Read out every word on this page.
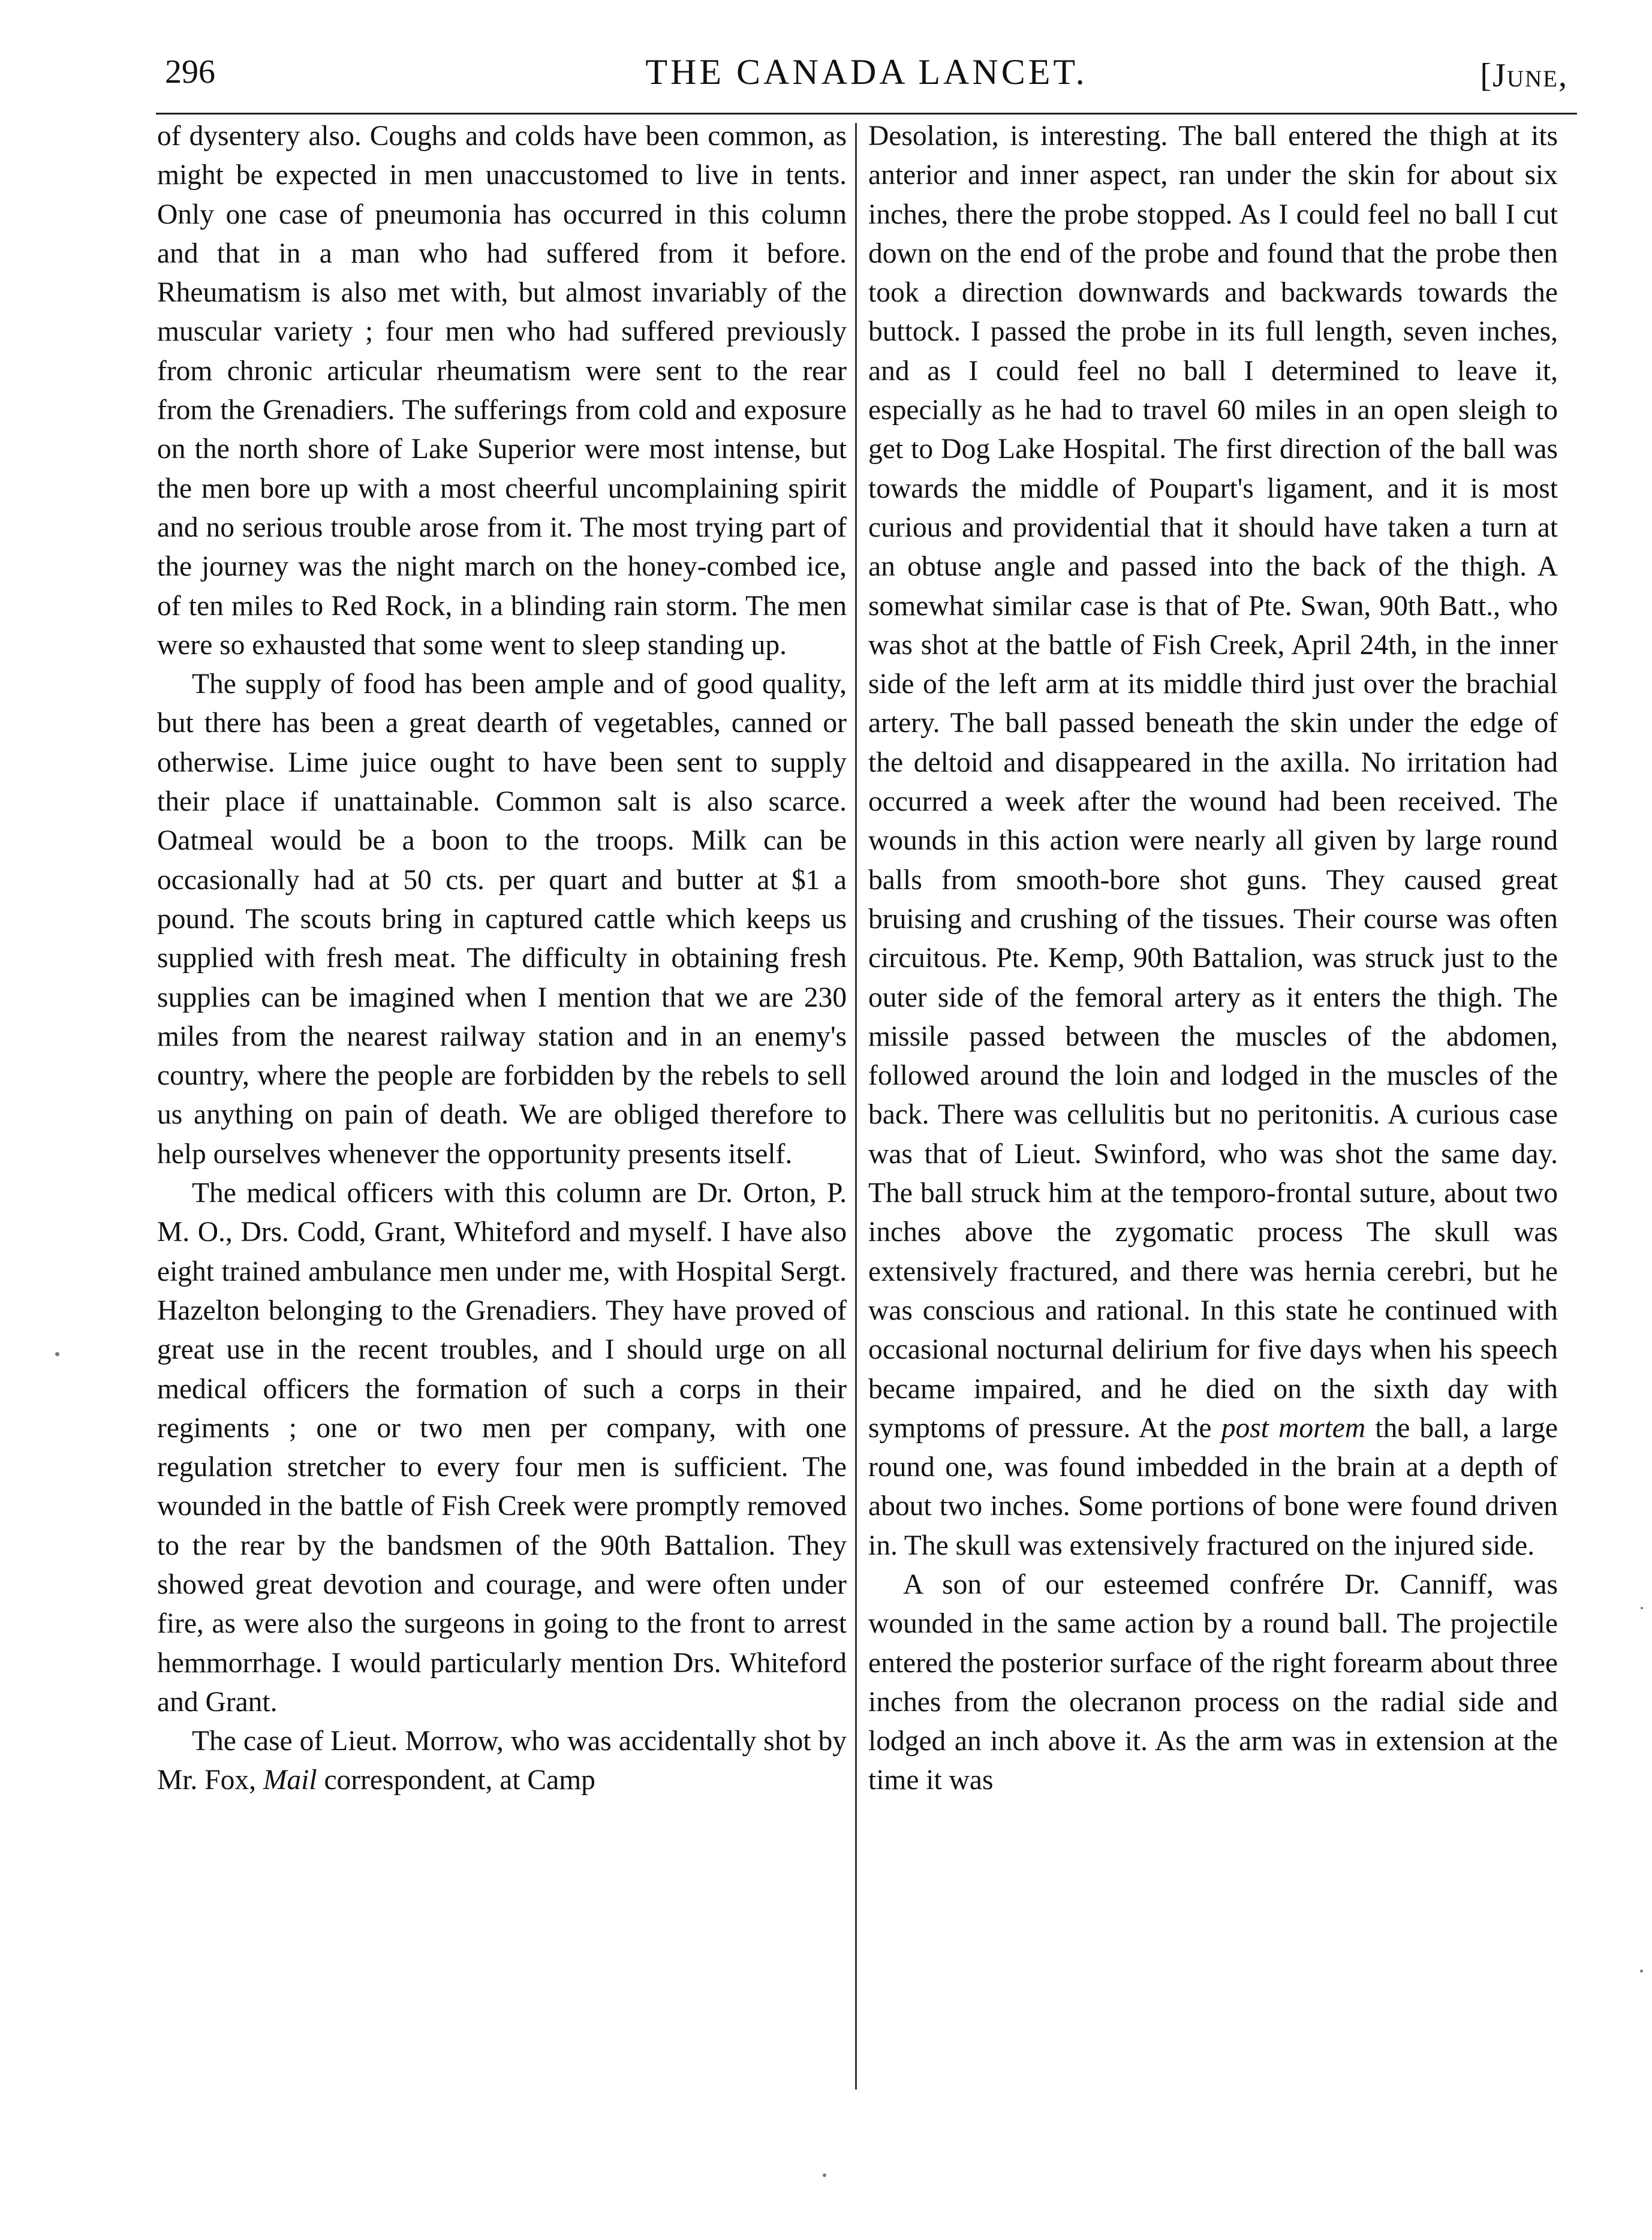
296	THE CANADA LANCET.	[June,

of dysentery also. Coughs and colds have been common, as might be expected in men unaccustomed to live in tents. Only one case of pneumonia has occurred in this column and that in a man who had suffered from it before. Rheumatism is also met with, but almost invariably of the muscular variety ; four men who had suffered previously from chronic articular rheumatism were sent to the rear from the Grenadiers. The sufferings from cold and exposure on the north shore of Lake Superior were most intense, but the men bore up with a most cheerful uncomplaining spirit and no serious trouble arose from it. The most trying part of the journey was the night march on the honey-combed ice, of ten miles to Red Rock, in a blinding rain storm. The men were so exhausted that some went to sleep standing up.

The supply of food has been ample and of good quality, but there has been a great dearth of vegetables, canned or otherwise. Lime juice ought to have been sent to supply their place if unattainable. Common salt is also scarce. Oatmeal would be a boon to the troops. Milk can be occasionally had at 50 cts. per quart and butter at $1 a pound. The scouts bring in captured cattle which keeps us supplied with fresh meat. The difficulty in obtaining fresh supplies can be imagined when I mention that we are 230 miles from the nearest railway station and in an enemy's country, where the people are forbidden by the rebels to sell us anything on pain of death. We are obliged therefore to help ourselves whenever the opportunity presents itself.

The medical officers with this column are Dr. Orton, P. M. O., Drs. Codd, Grant, Whiteford and myself. I have also eight trained ambulance men under me, with Hospital Sergt. Hazelton belonging to the Grenadiers. They have proved of great use in the recent troubles, and I should urge on all medical officers the formation of such a corps in their regiments ; one or two men per company, with one regulation stretcher to every four men is sufficient. The wounded in the battle of Fish Creek were promptly removed to the rear by the bandsmen of the 90th Battalion. They showed great devotion and courage, and were often under fire, as were also the surgeons in going to the front to arrest hemmorrhage. I would particularly mention Drs. Whiteford and Grant.

The case of Lieut. Morrow, who was accidentally shot by Mr. Fox, Mail correspondent, at Camp

Desolation, is interesting. The ball entered the thigh at its anterior and inner aspect, ran under the skin for about six inches, there the probe stopped. As I could feel no ball I cut down on the end of the probe and found that the probe then took a direction downwards and backwards towards the buttock. I passed the probe in its full length, seven inches, and as I could feel no ball I determined to leave it, especially as he had to travel 60 miles in an open sleigh to get to Dog Lake Hospital. The first direction of the ball was towards the middle of Poupart's ligament, and it is most curious and providential that it should have taken a turn at an obtuse angle and passed into the back of the thigh. A somewhat similar case is that of Pte. Swan, 90th Batt., who was shot at the battle of Fish Creek, April 24th, in the inner side of the left arm at its middle third just over the brachial artery. The ball passed beneath the skin under the edge of the deltoid and disappeared in the axilla. No irritation had occurred a week after the wound had been received. The wounds in this action were nearly all given by large round balls from smooth-bore shot guns. They caused great bruising and crushing of the tissues. Their course was often circuitous. Pte. Kemp, 90th Battalion, was struck just to the outer side of the femoral artery as it enters the thigh. The missile passed between the muscles of the abdomen, followed around the loin and lodged in the muscles of the back. There was cellulitis but no peritonitis. A curious case was that of Lieut. Swinford, who was shot the same day. The ball struck him at the temporo-frontal suture, about two inches above the zygomatic process The skull was extensively fractured, and there was hernia cerebri, but he was conscious and rational. In this state he continued with occasional nocturnal delirium for five days when his speech became impaired, and he died on the sixth day with symptoms of pressure. At the post mortem the ball, a large round one, was found imbedded in the brain at a depth of about two inches. Some portions of bone were found driven in. The skull was extensively fractured on the injured side.

A son of our esteemed confrére Dr. Canniff, was wounded in the same action by a round ball. The projectile entered the posterior surface of the right forearm about three inches from the olecranon process on the radial side and lodged an inch above it. As the arm was in extension at the time it was
